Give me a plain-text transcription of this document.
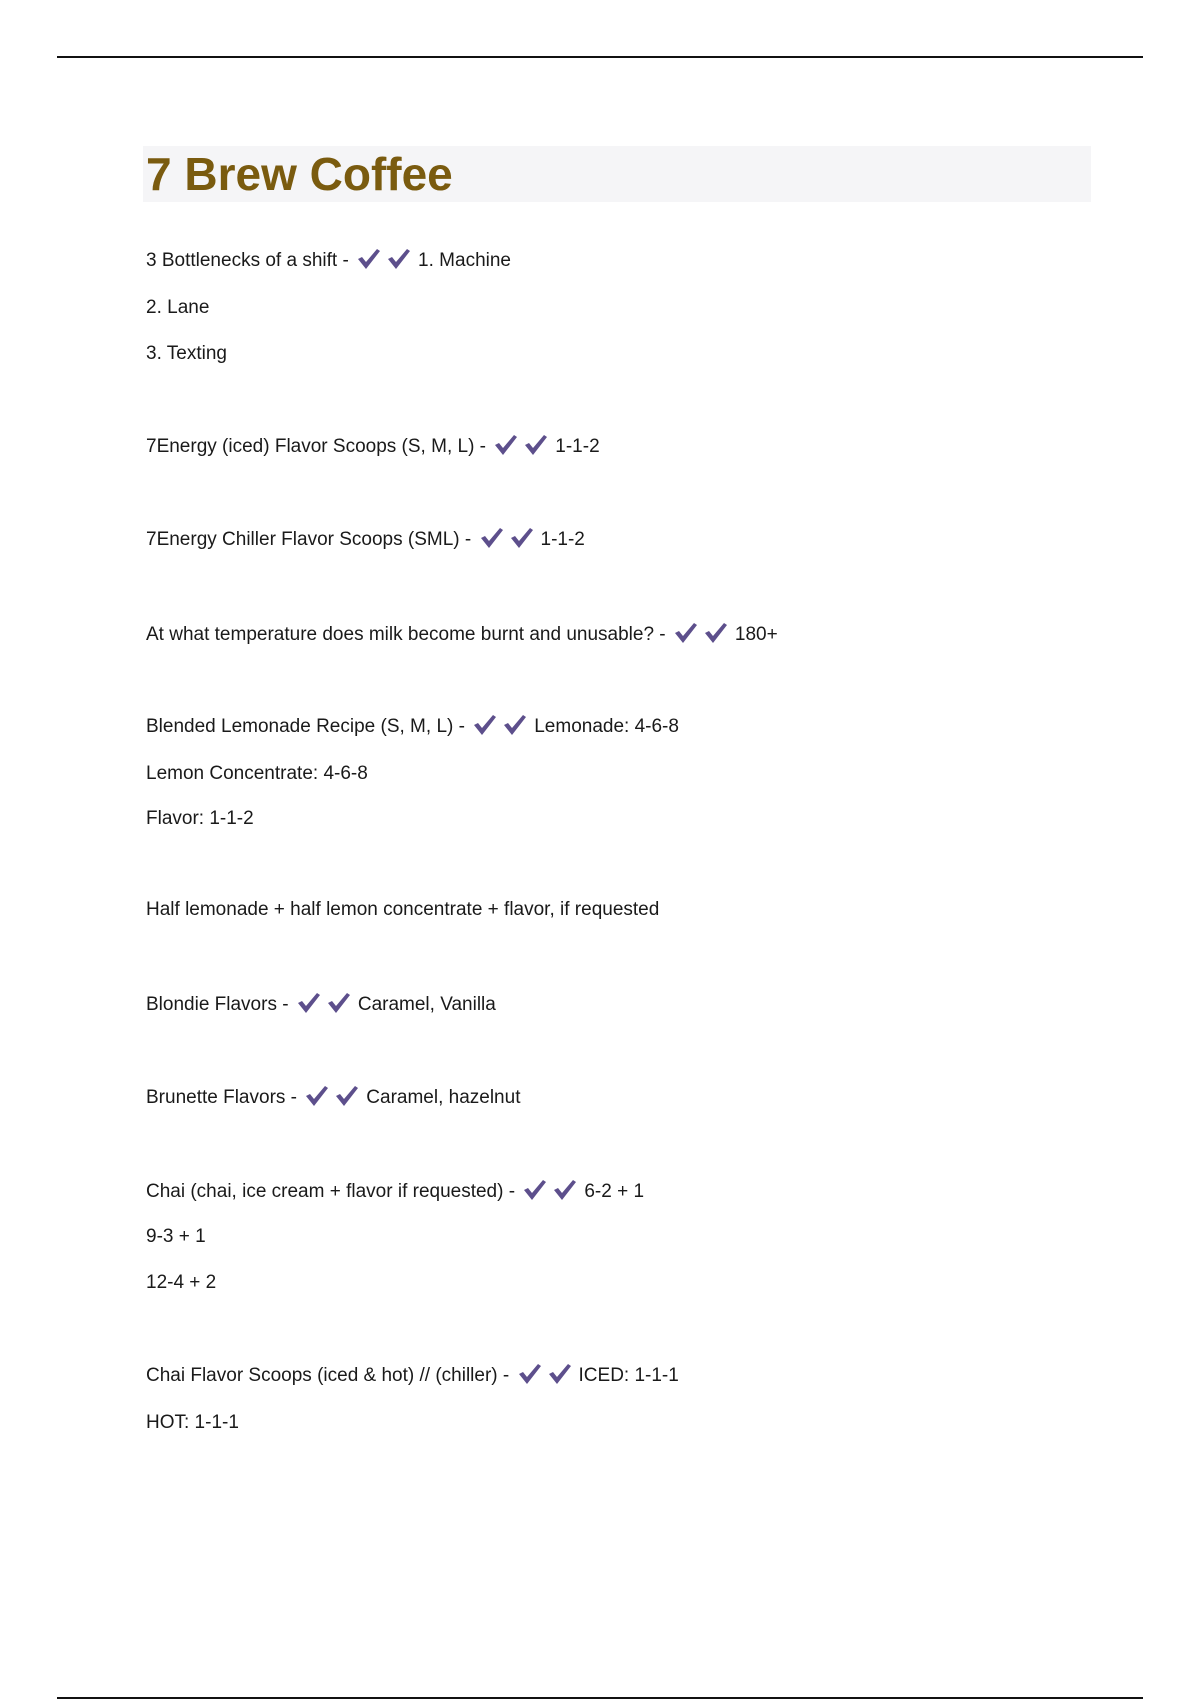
7 Brew Coffee
3 Bottlenecks of a shift -	1. Machine
2. Lane
3. Texting
7Energy (iced) Flavor Scoops (S, M, L) -	1-1-2
7Energy Chiller Flavor Scoops (SML) -	1-1-2
At what temperature does milk become burnt and unusable? -	180+
Blended Lemonade Recipe (S, M, L) -	Lemonade: 4-6-8
Lemon Concentrate: 4-6-8
Flavor: 1-1-2
Half lemonade + half lemon concentrate + flavor, if requested
Blondie Flavors -	Caramel, Vanilla
Brunette Flavors -	Caramel, hazelnut
Chai (chai, ice cream + flavor if requested) -	6-2 + 1
9-3 + 1
12-4 + 2
Chai Flavor Scoops (iced & hot) // (chiller) -	ICED: 1-1-1
HOT: 1-1-1
